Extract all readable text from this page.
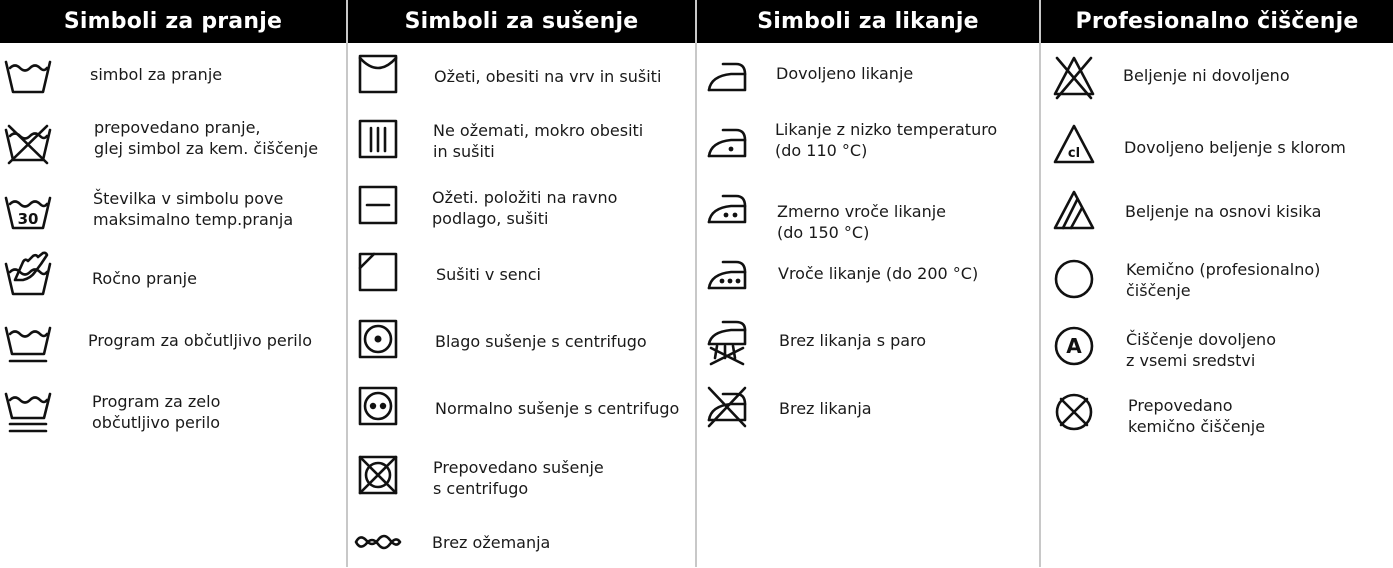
Simboli za pranje
simbol za pranje
prepovedano pranje,
glej simbol za kem. čiščenje
30
Številka v simbolu pove
maksimalno temp.pranja
Ročno pranje
Program za občutljivo perilo
Program za zelo
občutljivo perilo
Simboli za sušenje
Ožeti, obesiti na vrv in sušiti
Ne ožemati, mokro obesiti
in sušiti
Ožeti. položiti na ravno
podlago, sušiti
Sušiti v senci
Blago sušenje s centrifugo
Normalno sušenje s centrifugo
Prepovedano sušenje
s centrifugo
Brez ožemanja
Simboli za likanje
Dovoljeno likanje
Likanje z nizko temperaturo
(do 110 °C)
Zmerno vroče likanje
(do 150 °C)
Vroče likanje (do 200 °C)
Brez likanja s paro
Brez likanja
Profesionalno čiščenje
Beljenje ni dovoljeno
cl	Dovoljeno beljenje s klorom
Beljenje na osnovi kisika
Kemično (profesionalno)
čiščenje
A	Čiščenje dovoljeno
z vsemi sredstvi
Prepovedano
kemično čiščenje
